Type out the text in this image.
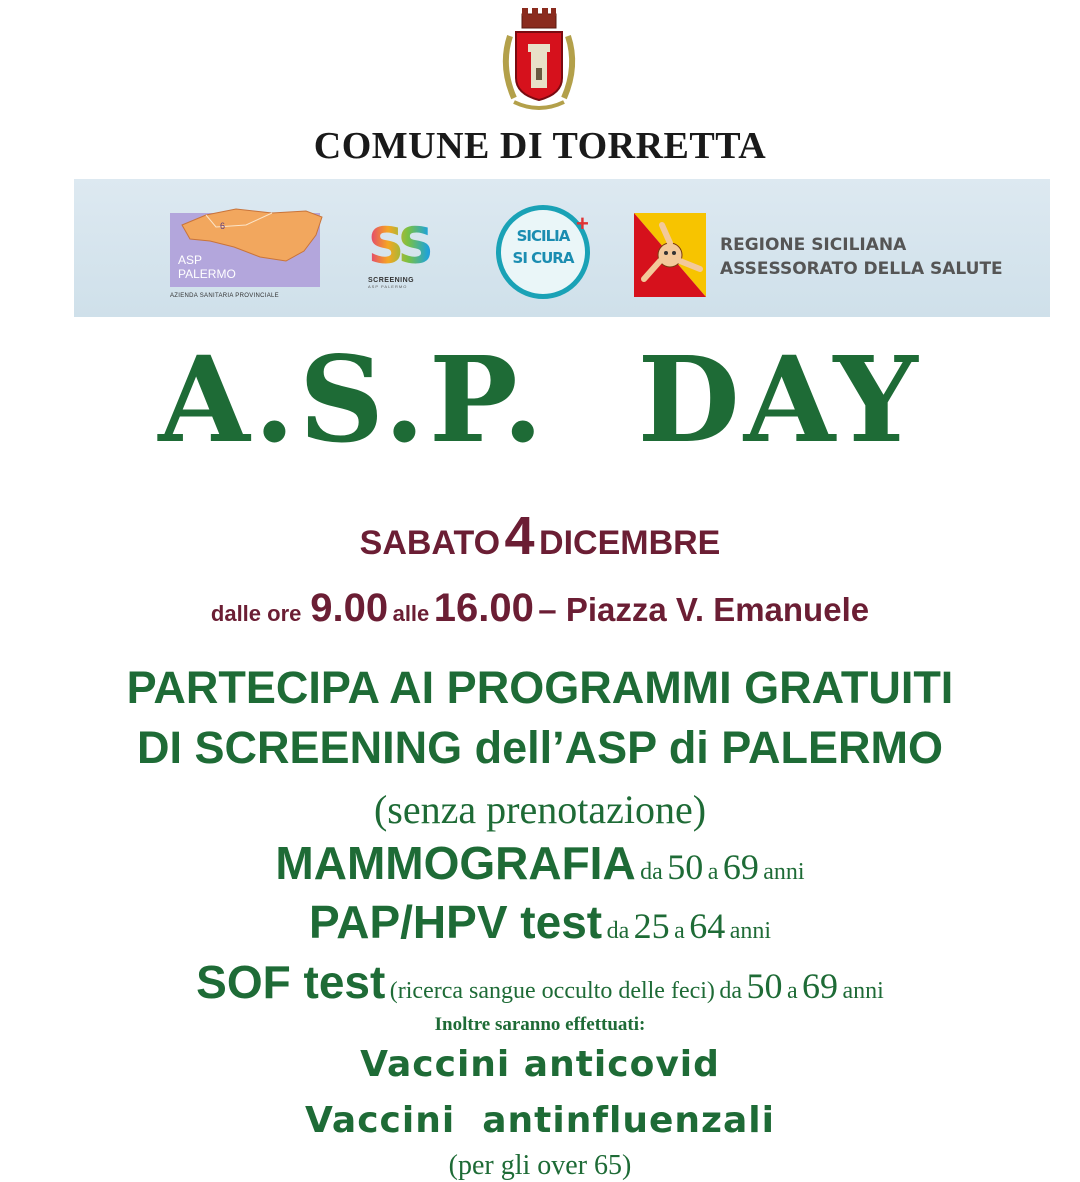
COMUNE DI TORRETTA
6
ASP
PALERMO
AZIENDA SANITARIA PROVINCIALE
SS
SCREENING
ASP PALERMO
SICILIA
SI CURA
+
REGIONE SICILIANA
ASSESSORATO DELLA SALUTE
A.S.P.  DAY
SABATO 4 DICEMBRE
dalle ore 9.00 alle 16.00 – Piazza V. Emanuele
PARTECIPA AI PROGRAMMI GRATUITI
DI SCREENING dell’ASP di PALERMO
(senza prenotazione)
MAMMOGRAFIA da 50 a 69 anni
PAP/HPV test da 25 a 64 anni
SOF test (ricerca sangue occulto delle feci) da 50 a 69 anni
Inoltre saranno effettuati:
Vaccini anticovid
Vaccini  antinfluenzali
(per gli over 65)
